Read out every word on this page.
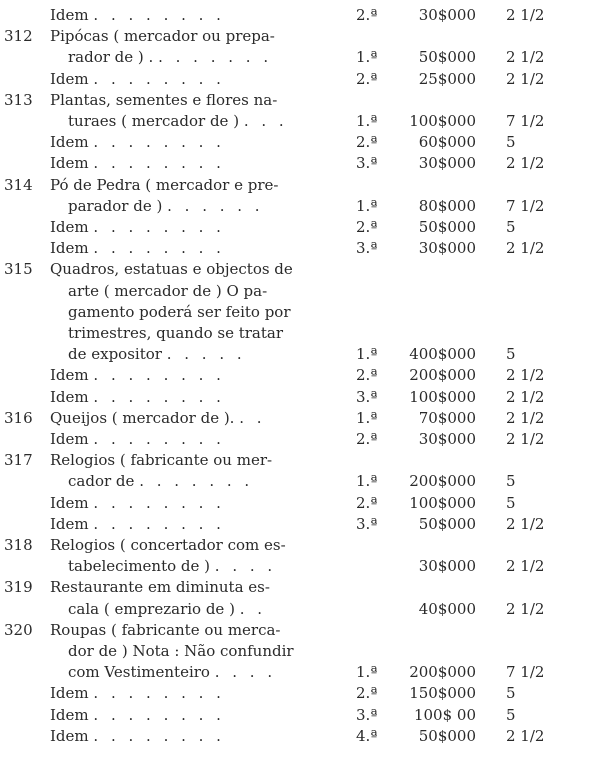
Idem . . . . . . . .	2.ª	30$000 2 1/2
312 Pipócas ( mercador ou prepa-
rador de ) . . . . . . . .	1.ª	50$000 2 1/2
Idem . . . . . . . .	2.ª	25$000 2 1/2
313 Plantas, sementes e flores na-
turaes ( mercador de ) . . .	1.ª 100$000 7 1/2
Idem . . . . . . . .	2.ª	60$000 5
Idem . . . . . . . .	3.ª	30$000 2 1/2
314 Pó de Pedra ( mercador e pre-
parador de ) . . . . . .	1.ª	80$000 7 1/2
Idem . . . . . . . .	2.ª	50$000 5
Idem . . . . . . . .	3.ª	30$000 2 1/2
315 Quadros, estatuas e objectos de
arte ( mercador de ) O pa-
gamento poderá ser feito por
trimestres, quando se tratar
de expositor . . . . .	1.ª 400$000 5
Idem . . . . . . . .	2.ª 200$000 2 1/2
Idem . . . . . . . .	3.ª 100$000 2 1/2
316 Queijos ( mercador de ). . .	1.ª	70$000 2 1/2
Idem . . . . . . . .	2.ª	30$000 2 1/2
317 Relogios ( fabricante ou mer-
cador de . . . . . . .	1.ª 200$000 5
Idem . . . . . . . .	2.ª 100$000 5
Idem . . . . . . . .	3.ª	50$000 2 1/2
318 Relogios ( concertador com es-
tabelecimento de ) . . . .	30$000 2 1/2
319 Restaurante em diminuta es-
cala ( emprezario de ) . .	40$000 2 1/2
320 Roupas ( fabricante ou merca-
dor de ) Nota : Não confundir
com Vestimenteiro . . . .	1.ª 200$000 7 1/2
Idem . . . . . . . .	2.ª 150$000 5
Idem . . . . . . . .	3.ª 100$ 00 5
Idem . . . . . . . .	4.ª	50$000 2 1/2
